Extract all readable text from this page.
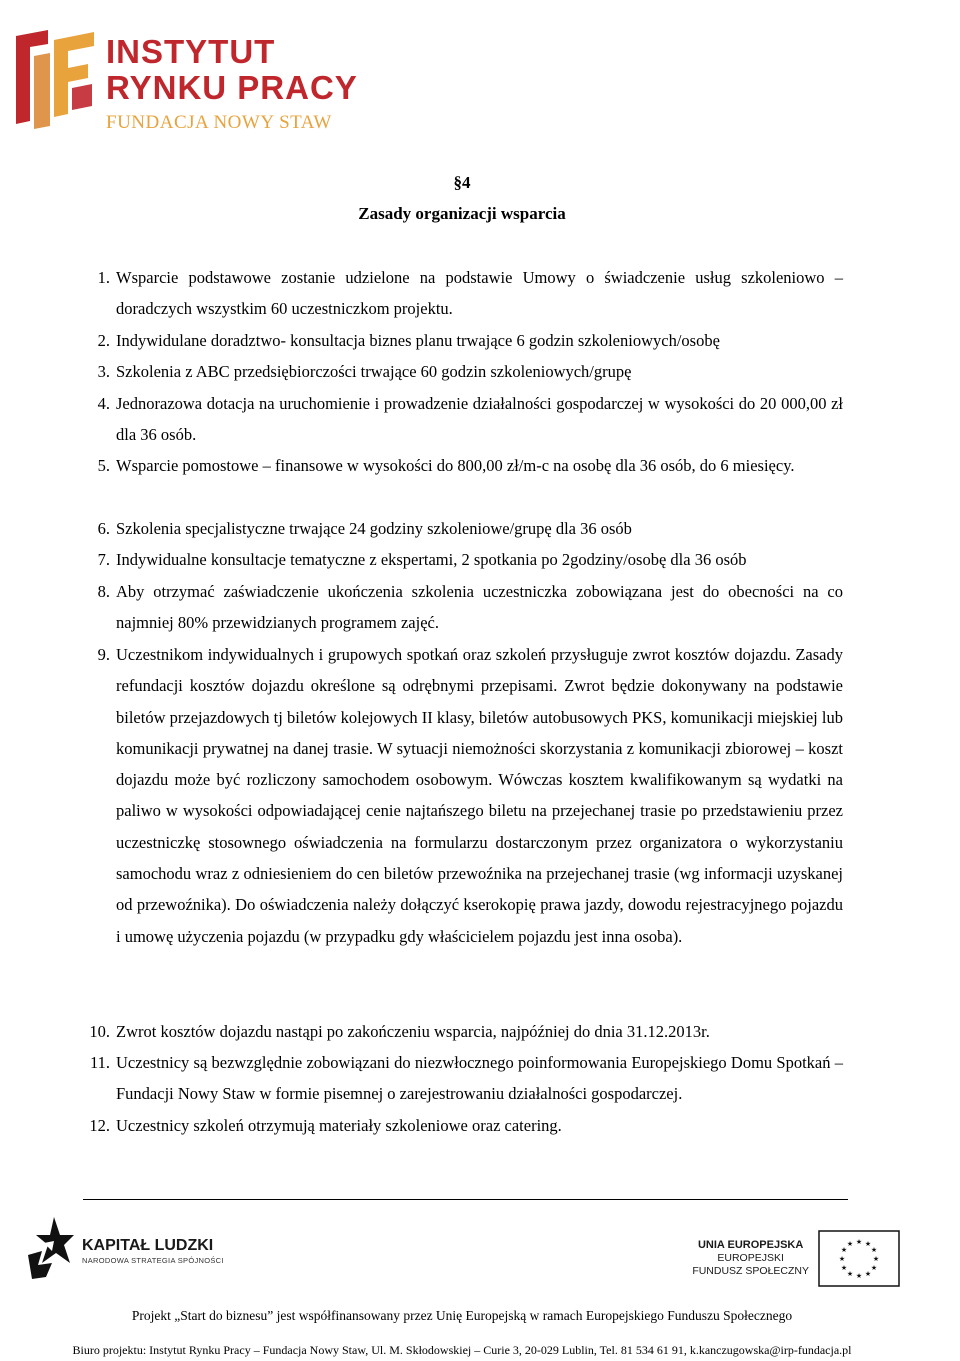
INSTYTUT
RYNKU PRACY
FUNDACJA NOWY STAW
§4
Zasady organizacji wsparcia
1. Wsparcie podstawowe zostanie udzielone na podstawie Umowy o świadczenie usług szkoleniowo – doradczych wszystkim 60 uczestniczkom projektu.
2. Indywidulane doradztwo- konsultacja biznes planu trwające 6 godzin szkoleniowych/osobę
3. Szkolenia z ABC przedsiębiorczości trwające 60 godzin szkoleniowych/grupę
4. Jednorazowa dotacja na uruchomienie i prowadzenie działalności gospodarczej w wysokości do 20 000,00 zł dla 36 osób.
5. Wsparcie pomostowe – finansowe w wysokości do 800,00 zł/m-c na osobę dla 36 osób, do 6 miesięcy.
6. Szkolenia specjalistyczne trwające 24 godziny szkoleniowe/grupę dla 36 osób
7. Indywidualne konsultacje tematyczne z ekspertami, 2 spotkania po 2godziny/osobę dla 36 osób
8. Aby otrzymać zaświadczenie ukończenia szkolenia uczestniczka zobowiązana jest do obecności na co najmniej 80% przewidzianych programem zajęć.
9. Uczestnikom indywidualnych i grupowych spotkań oraz szkoleń przysługuje zwrot kosztów dojazdu. Zasady refundacji kosztów dojazdu określone są odrębnymi przepisami. Zwrot będzie dokonywany na podstawie biletów przejazdowych tj biletów kolejowych II klasy, biletów autobusowych PKS, komunikacji miejskiej lub komunikacji prywatnej na danej trasie. W sytuacji niemożności skorzystania z komunikacji zbiorowej – koszt dojazdu może być rozliczony samochodem osobowym. Wówczas kosztem kwalifikowanym są wydatki na paliwo w wysokości odpowiadającej cenie najtańszego biletu na przejechanej trasie po przedstawieniu przez uczestniczkę stosownego oświadczenia na formularzu dostarczonym przez organizatora o wykorzystaniu samochodu wraz z odniesieniem do cen biletów przewoźnika na przejechanej trasie (wg informacji uzyskanej od przewoźnika). Do oświadczenia należy dołączyć kserokopię prawa jazdy, dowodu rejestracyjnego pojazdu i umowę użyczenia pojazdu (w przypadku gdy właścicielem pojazdu jest inna osoba).
10. Zwrot kosztów dojazdu nastąpi po zakończeniu wsparcia, najpóźniej do dnia 31.12.2013r.
11. Uczestnicy są bezwzględnie zobowiązani do niezwłocznego poinformowania Europejskiego Domu Spotkań – Fundacji Nowy Staw w formie pisemnej o zarejestrowaniu działalności gospodarczej.
12. Uczestnicy szkoleń otrzymują materiały szkoleniowe oraz catering.
KAPITAŁ LUDZKI
NARODOWA STRATEGIA SPÓJNOŚCI
UNIA EUROPEJSKA
EUROPEJSKI
FUNDUSZ SPOŁECZNY
★ ★
★
★
★
★
★
★
★
★
★
★
Projekt „Start do biznesu” jest współfinansowany przez Unię Europejską w ramach Europejskiego Funduszu Społecznego
Biuro projektu: Instytut Rynku Pracy – Fundacja Nowy Staw, Ul. M. Skłodowskiej – Curie 3, 20-029 Lublin, Tel. 81 534 61 91, k.kanczugowska@irp-fundacja.pl
